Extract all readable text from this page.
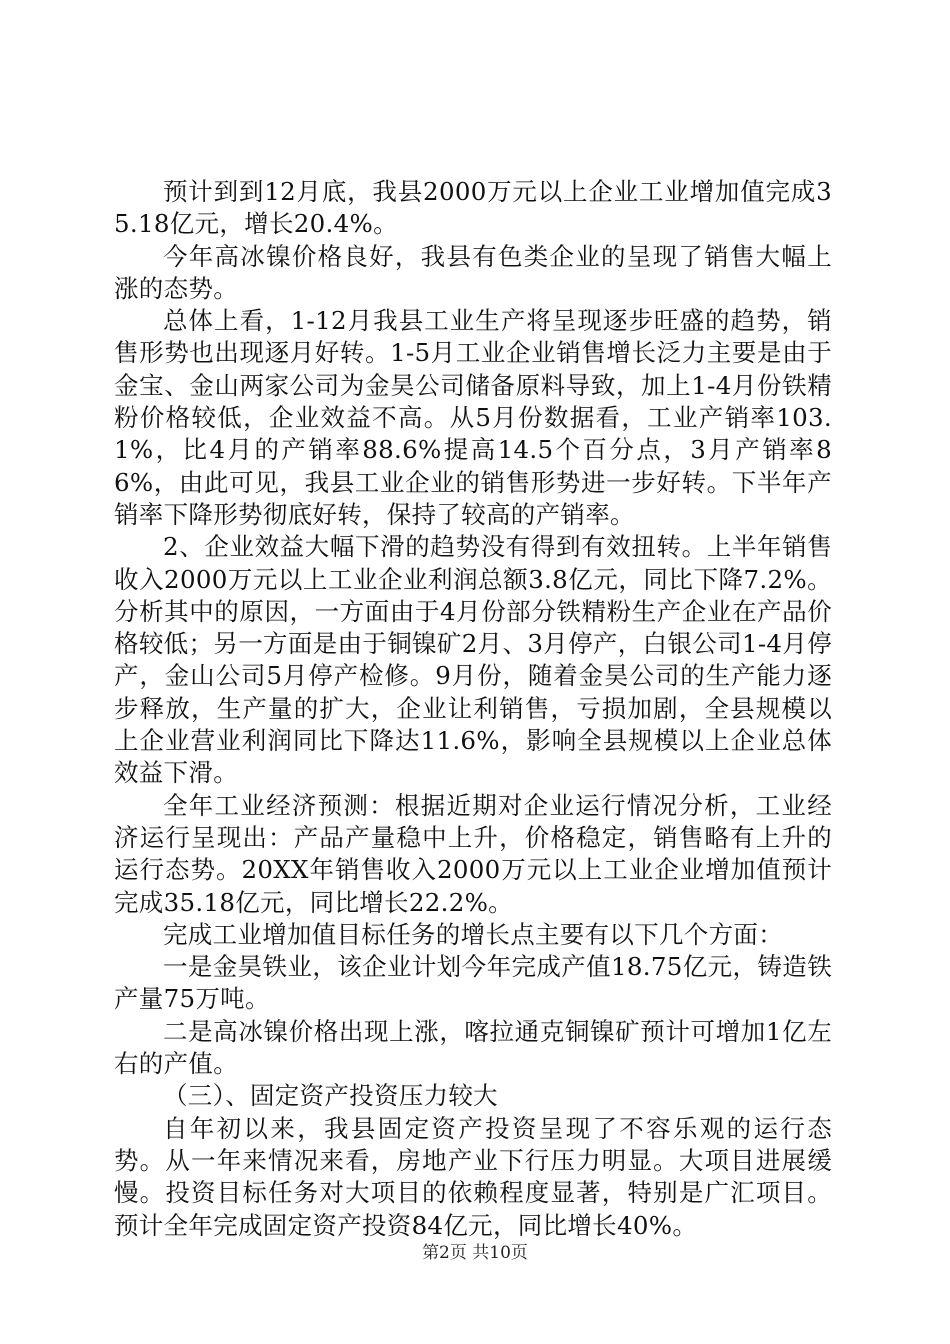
预计到到12月底，我县2000万元以上企业工业增加值完成35.18亿元，增长20.4%。

今年高冰镍价格良好，我县有色类企业的呈现了销售大幅上涨的态势。

总体上看，1-12月我县工业生产将呈现逐步旺盛的趋势，销售形势也出现逐月好转。1-5月工业企业销售增长泛力主要是由于金宝、金山两家公司为金昊公司储备原料导致，加上1-4月份铁精粉价格较低，企业效益不高。从5月份数据看，工业产销率103.1%，比4月的产销率88.6%提高14.5个百分点，3月产销率86%，由此可见，我县工业企业的销售形势进一步好转。下半年产销率下降形势彻底好转，保持了较高的产销率。

2、企业效益大幅下滑的趋势没有得到有效扭转。上半年销售收入2000万元以上工业企业利润总额3.8亿元，同比下降7.2%。分析其中的原因，一方面由于4月份部分铁精粉生产企业在产品价格较低；另一方面是由于铜镍矿2月、3月停产，白银公司1-4月停产，金山公司5月停产检修。9月份，随着金昊公司的生产能力逐步释放，生产量的扩大，企业让利销售，亏损加剧，全县规模以上企业营业利润同比下降达11.6%，影响全县规模以上企业总体效益下滑。

全年工业经济预测：根据近期对企业运行情况分析，工业经济运行呈现出：产品产量稳中上升，价格稳定，销售略有上升的运行态势。20XX年销售收入2000万元以上工业企业增加值预计完成35.18亿元，同比增长22.2%。

完成工业增加值目标任务的增长点主要有以下几个方面：

一是金昊铁业，该企业计划今年完成产值18.75亿元，铸造铁产量75万吨。

二是高冰镍价格出现上涨，喀拉通克铜镍矿预计可增加1亿左右的产值。

（三）、固定资产投资压力较大

自年初以来，我县固定资产投资呈现了不容乐观的运行态势。从一年来情况来看，房地产业下行压力明显。大项目进展缓慢。投资目标任务对大项目的依赖程度显著，特别是广汇项目。预计全年完成固定资产投资84亿元，同比增长40%。

第2页 共10页
